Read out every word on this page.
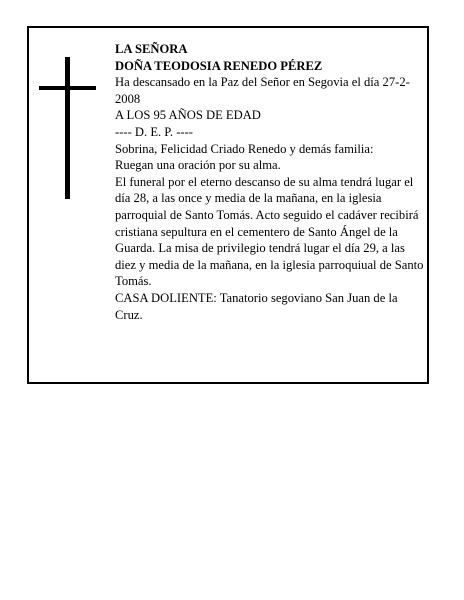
LA SEÑORA

DOÑA TEODOSIA RENEDO PÉREZ

Ha descansado en la Paz del Señor en Segovia el día 27-2-2008

A LOS 95 AÑOS DE EDAD

---- D. E. P. ----

Sobrina, Felicidad Criado Renedo y demás familia:

Ruegan una oración por su alma.

El funeral por el eterno descanso de su alma tendrá lugar el día 28, a las once y media de la mañana, en la iglesia parroquial de Santo Tomás. Acto seguido el cadáver recibirá cristiana sepultura en el cementero de Santo Ángel de la Guarda. La misa de privilegio tendrá lugar el día 29, a las diez y media de la mañana, en la iglesia parroquiual de Santo Tomás.

CASA DOLIENTE: Tanatorio segoviano San Juan de la Cruz.
